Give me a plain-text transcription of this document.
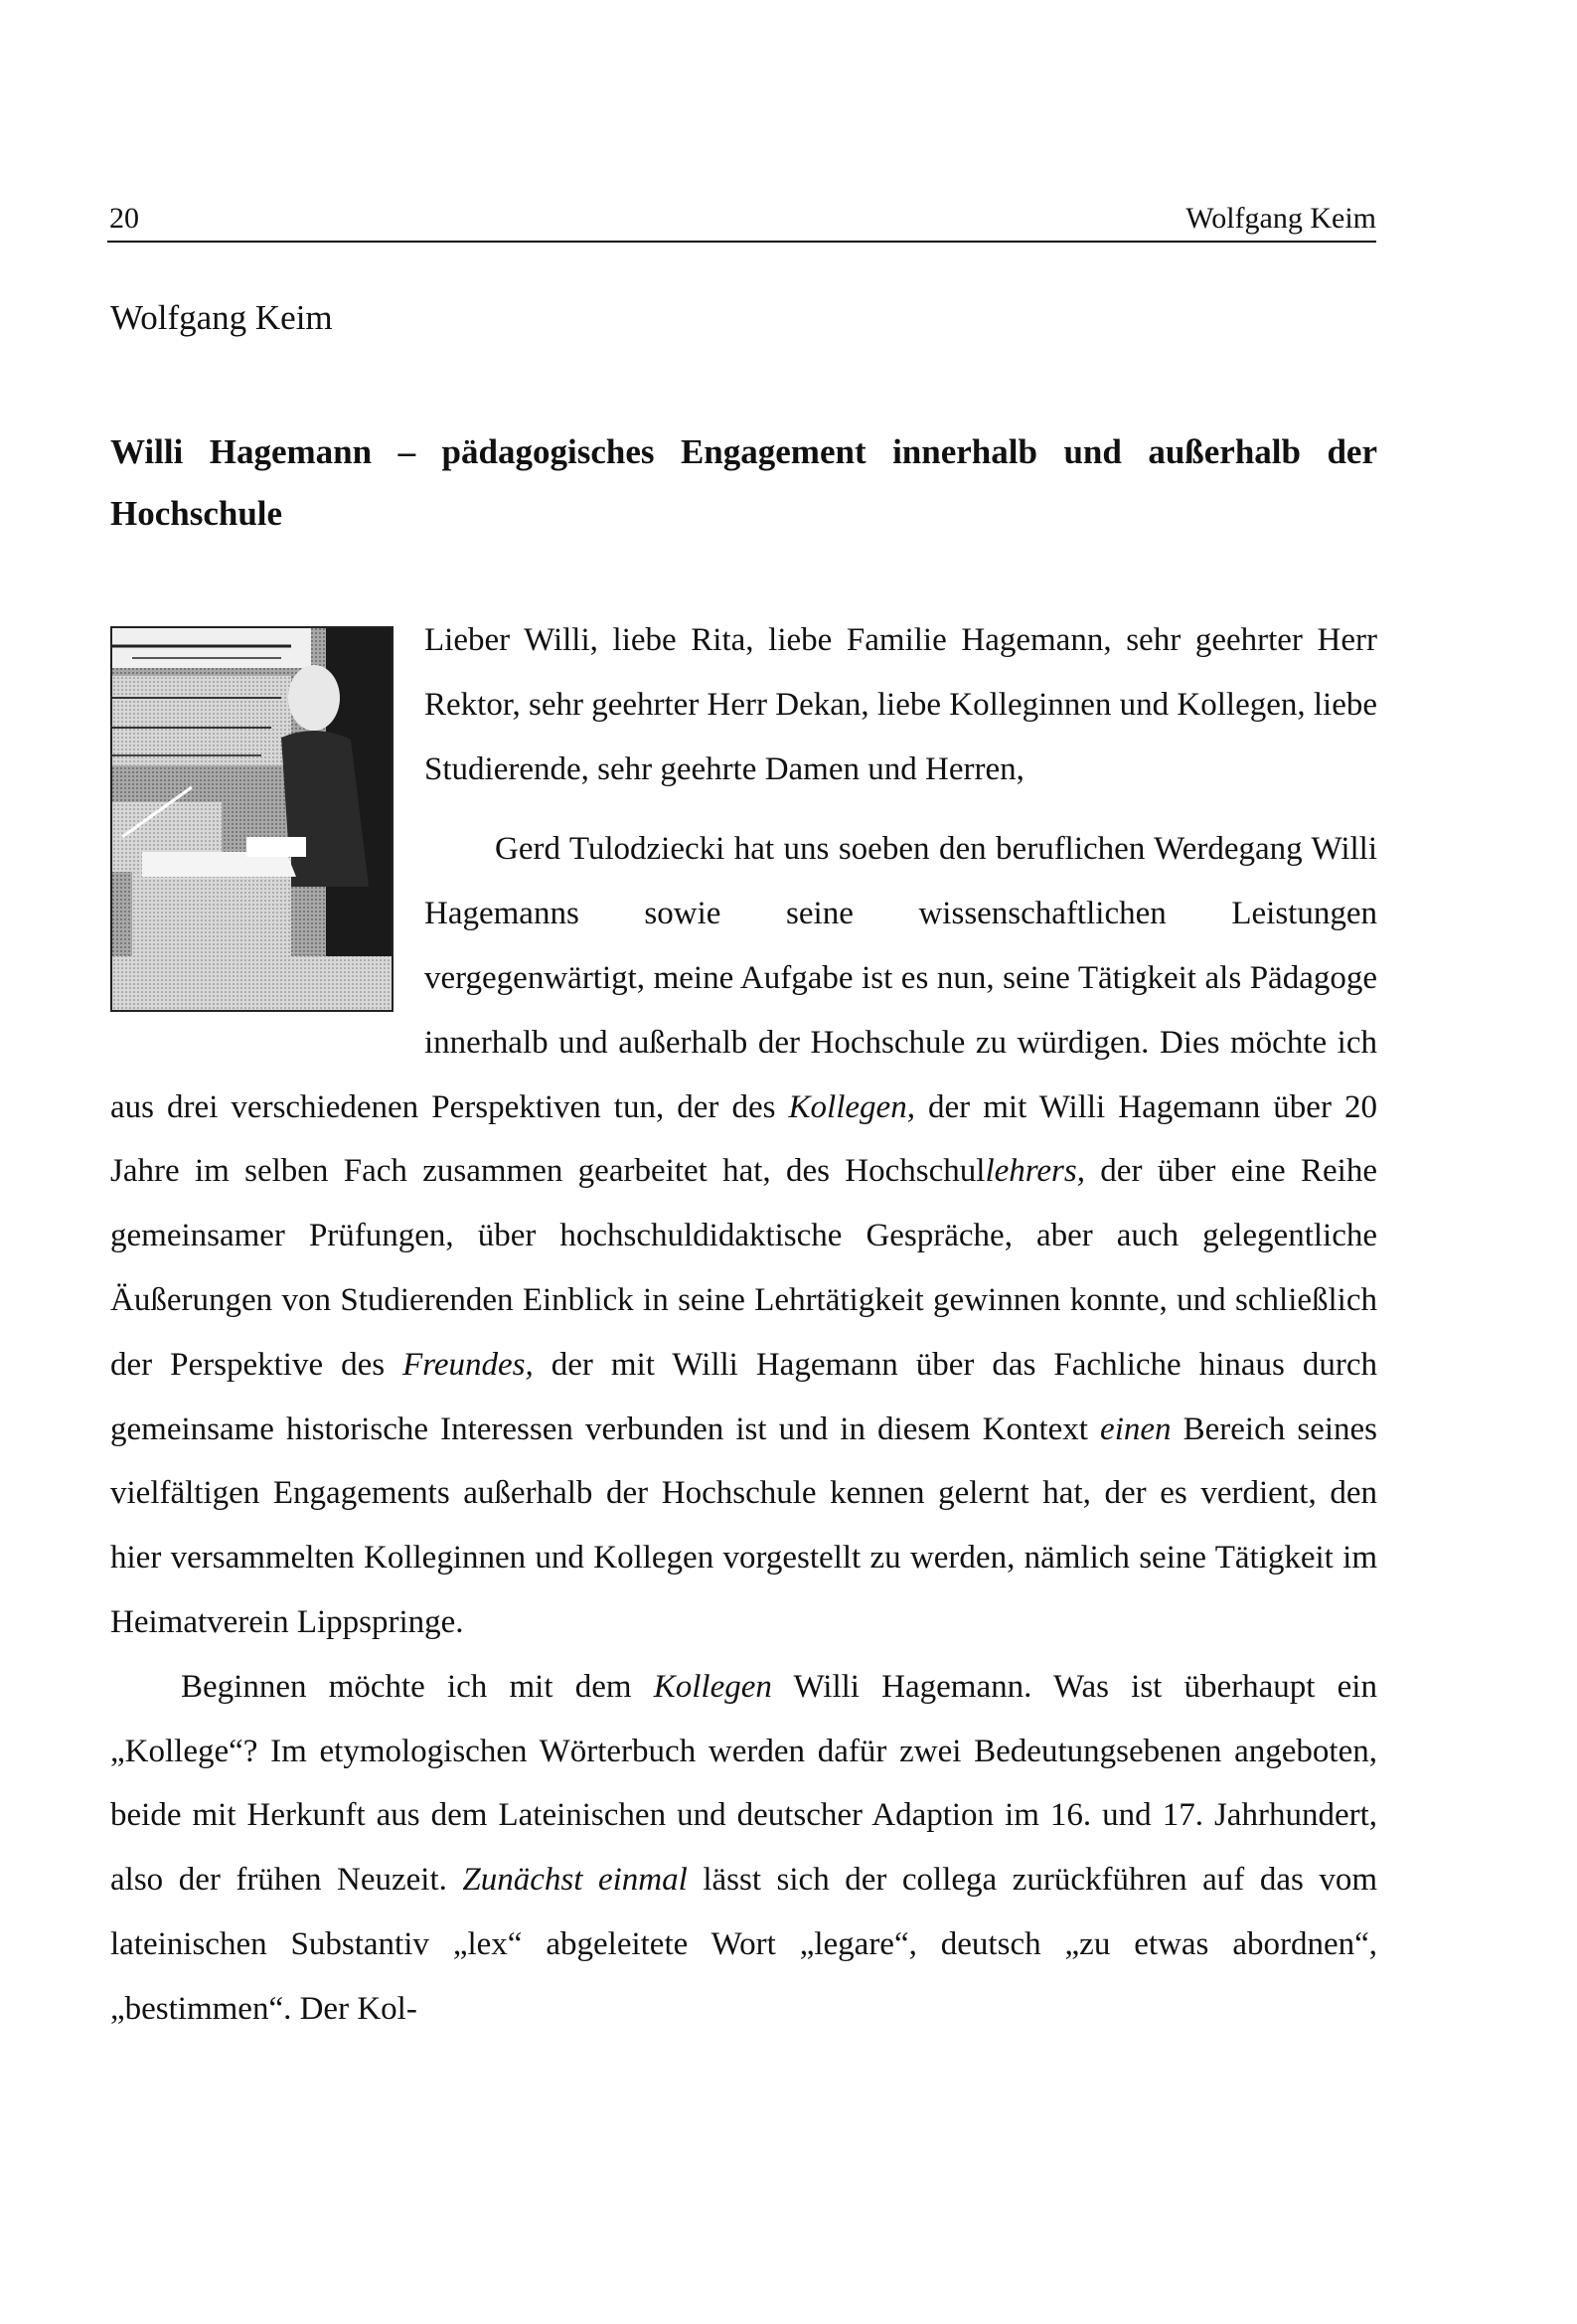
20	Wolfgang Keim
Wolfgang Keim
Willi Hagemann – pädagogisches Engagement innerhalb und außerhalb der Hochschule

Lieber Willi, liebe Rita, liebe Familie Hagemann, sehr geehrter Herr Rektor, sehr geehrter Herr Dekan, liebe Kolleginnen und Kollegen, liebe Studierende, sehr geehrte Damen und Herren,

Gerd Tulodziecki hat uns soeben den beruflichen Werdegang Willi Hagemanns sowie seine wissenschaftlichen Leistungen vergegenwärtigt, meine Aufgabe ist es nun, seine Tätigkeit als Pädagoge innerhalb und außerhalb der Hochschule zu würdigen. Dies möchte ich aus drei verschiedenen Perspektiven tun, der des Kollegen, der mit Willi Hagemann über 20 Jahre im selben Fach zusammen gearbeitet hat, des Hochschullehrers, der über eine Reihe gemeinsamer Prüfungen, über hochschuldidaktische Gespräche, aber auch gelegentliche Äußerungen von Studierenden Einblick in seine Lehrtätigkeit gewinnen konnte, und schließlich der Perspektive des Freundes, der mit Willi Hagemann über das Fachliche hinaus durch gemeinsame historische Interessen verbunden ist und in diesem Kontext einen Bereich seines vielfältigen Engagements außerhalb der Hochschule kennen gelernt hat, der es verdient, den hier versammelten Kolleginnen und Kollegen vorgestellt zu werden, nämlich seine Tätigkeit im Heimatverein Lippspringe.

Beginnen möchte ich mit dem Kollegen Willi Hagemann. Was ist überhaupt ein „Kollege“? Im etymologischen Wörterbuch werden dafür zwei Bedeutungsebenen angeboten, beide mit Herkunft aus dem Lateinischen und deutscher Adaption im 16. und 17. Jahrhundert, also der frühen Neuzeit. Zunächst einmal lässt sich der collega zurückführen auf das vom lateinischen Substantiv „lex“ abgeleitete Wort „legare“, deutsch „zu etwas abordnen“, „bestimmen“. Der Kol-
